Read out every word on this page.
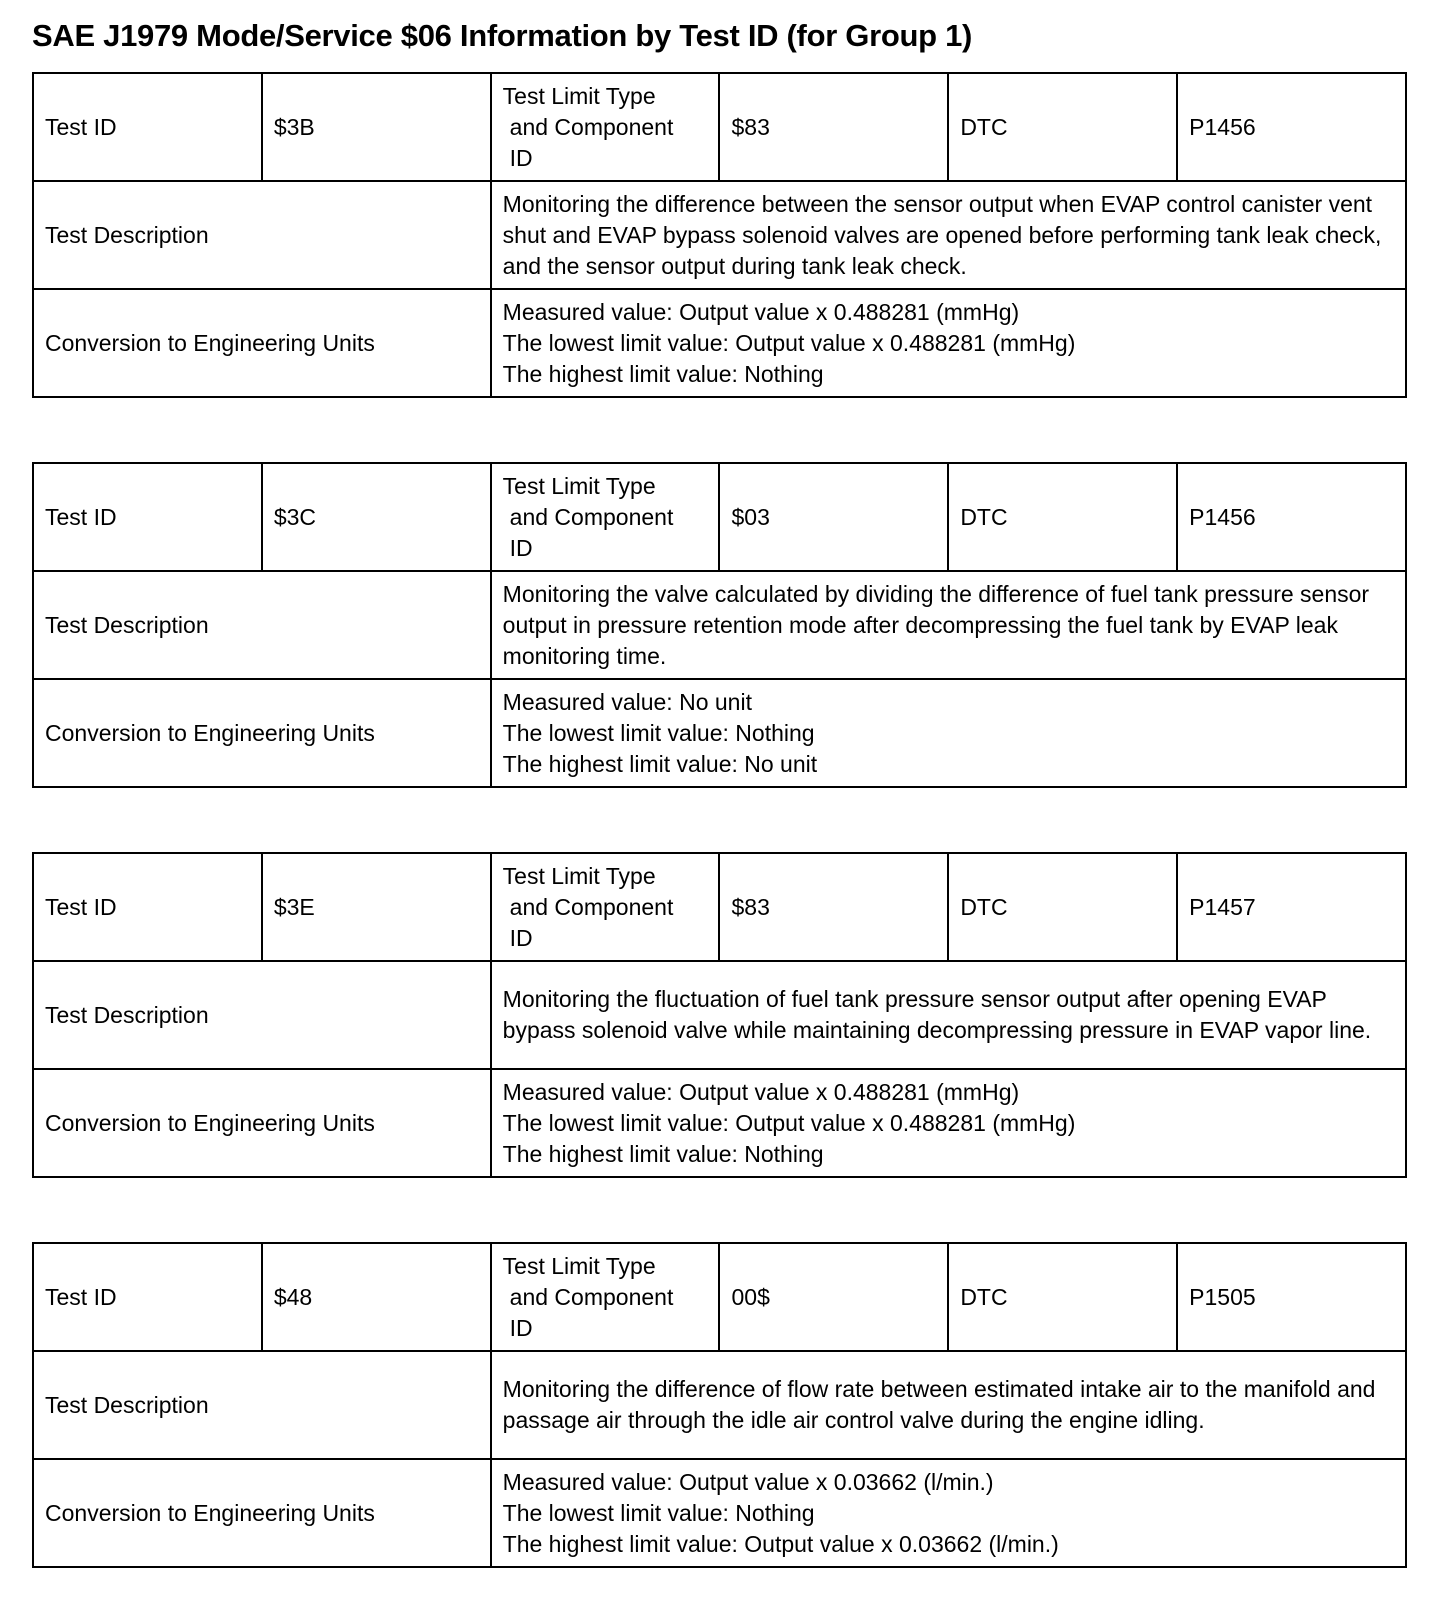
SAE J1979 Mode/Service $06 Information by Test ID (for Group 1)
Test ID	$3B	Test Limit Type
and Component
ID	$83	DTC	P1456
Test Description		Monitoring the difference between the sensor output when EVAP control canister vent shut and EVAP bypass solenoid valves are opened before performing tank leak check, and the sensor output during tank leak check.			
Conversion to Engineering Units		Measured value: Output value x 0.488281 (mmHg)
The lowest limit value: Output value x 0.488281 (mmHg)
The highest limit value: Nothing			
Test ID	$3C	Test Limit Type
and Component
ID	$03	DTC	P1456
Test Description		Monitoring the valve calculated by dividing the difference of fuel tank pressure sensor output in pressure retention mode after decompressing the fuel tank by EVAP leak monitoring time.			
Conversion to Engineering Units		Measured value: No unit
The lowest limit value: Nothing
The highest limit value: No unit			
Test ID	$3E	Test Limit Type
and Component
ID	$83	DTC	P1457
Test Description		Monitoring the fluctuation of fuel tank pressure sensor output after opening EVAP bypass solenoid valve while maintaining decompressing pressure in EVAP vapor line.			
Conversion to Engineering Units		Measured value: Output value x 0.488281 (mmHg)
The lowest limit value: Output value x 0.488281 (mmHg)
The highest limit value: Nothing			
Test ID	$48	Test Limit Type
and Component
ID	00$	DTC	P1505
Test Description		Monitoring the difference of flow rate between estimated intake air to the manifold and passage air through the idle air control valve during the engine idling.			
Conversion to Engineering Units		Measured value: Output value x 0.03662 (l/min.)
The lowest limit value: Nothing
The highest limit value: Output value x 0.03662 (l/min.)			
